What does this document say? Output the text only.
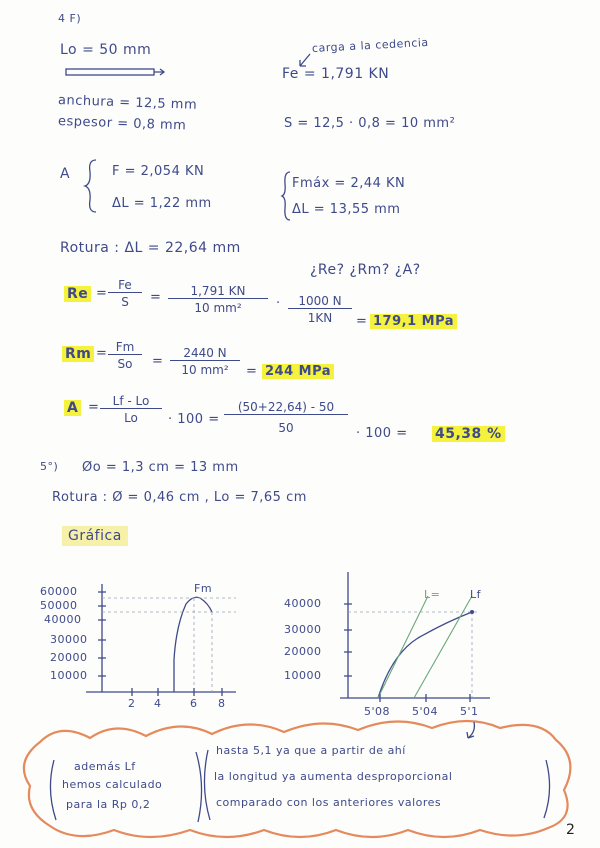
4 F)
Lo = 50 mm	carga a la cedencia
Fe = 1,791 KN
anchura = 12,5 mm
espesor = 0,8 mm	S = 12,5 · 0,8 = 10 mm²
A	F = 2,054 KN
ΔL = 1,22 mm
Fmáx = 2,44 KN
ΔL = 13,55 mm
Rotura : ΔL = 22,64 mm
¿Re? ¿Rm? ¿A?
$Re = \frac{Fe}{S} = \frac{1,791 KN}{\text{10 mm²}} \cdot \frac{1000 N}{1KN} = 179,1$ MPa
$Rm = \frac{Fm}{So} = \frac{2440 N}{\text{10 mm²}} = 244$ MPa
$A = \frac{Lf - Lo}{Lo} \cdot 100 = \frac{(50+22,64) - 50}{50} \cdot 100 = 45,38$ %
5°) Øo = 1,3 cm = 13 mm
Rotura : Ø = 0,46 cm , Lo = 7,65 cm
Gráfica
Fm
60000
50000
40000
30000
20000
10000
2 4	6 8
L=	Lf
40000
30000
20000
10000
5'08 5'04 5'1
además Lf
hemos calculado
para la Rp 0,2
hasta 5,1 ya que a partir de ahí
la longitud ya aumenta desproporcional
comparado con los anteriores valores
2
